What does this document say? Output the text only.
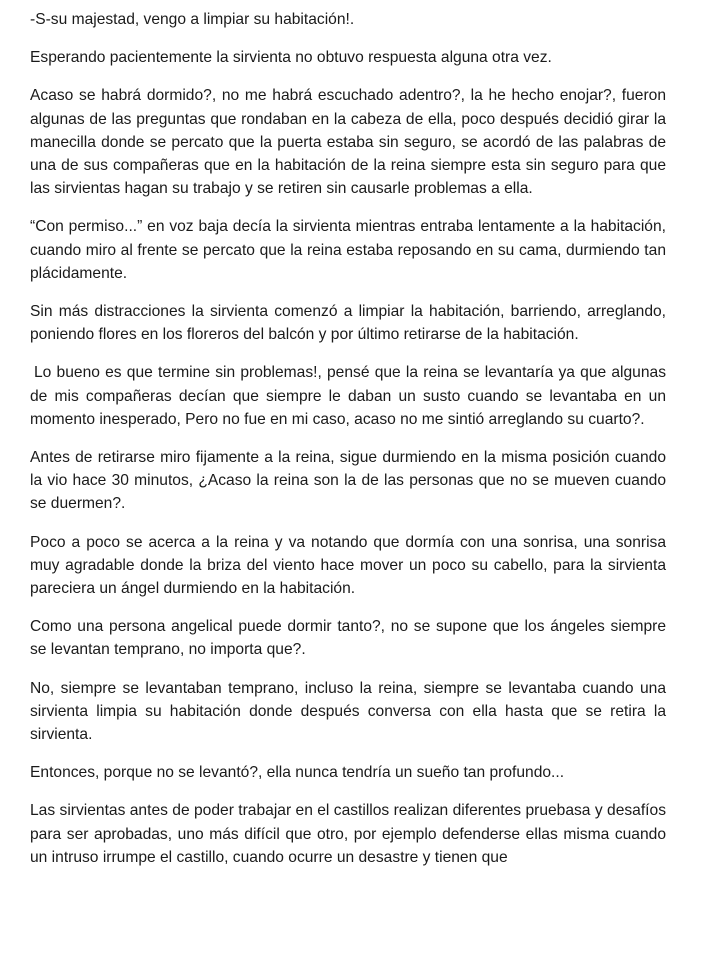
-S-su majestad, vengo a limpiar su habitación!.

Esperando pacientemente la sirvienta no obtuvo respuesta alguna otra vez.

Acaso se habrá dormido?, no me habrá escuchado adentro?, la he hecho enojar?, fueron algunas de las preguntas que rondaban en la cabeza de ella, poco después decidió girar la manecilla donde se percato que la puerta estaba sin seguro, se acordó de las palabras de una de sus compañeras que en la habitación de la reina siempre esta sin seguro para que las sirvientas hagan su trabajo y se retiren sin causarle problemas a ella.

“Con permiso...” en voz baja decía la sirvienta mientras entraba lentamente a la habitación, cuando miro al frente se percato que la reina estaba reposando en su cama, durmiendo tan plácidamente.

Sin más distracciones la sirvienta comenzó a limpiar la habitación, barriendo, arreglando, poniendo flores en los floreros del balcón y por último retirarse de la habitación.

Lo bueno es que termine sin problemas!, pensé que la reina se levantaría ya que algunas de mis compañeras decían que siempre le daban un susto cuando se levantaba en un momento inesperado, Pero no fue en mi caso, acaso no me sintió arreglando su cuarto?.

Antes de retirarse miro fijamente a la reina, sigue durmiendo en la misma posición cuando la vio hace 30 minutos, ¿Acaso la reina son la de las personas que no se mueven cuando se duermen?.

Poco a poco se acerca a la reina y va notando que dormía con una sonrisa, una sonrisa muy agradable donde la briza del viento hace mover un poco su cabello, para la sirvienta pareciera un ángel durmiendo en la habitación.

Como una persona angelical puede dormir tanto?, no se supone que los ángeles siempre se levantan temprano, no importa que?.

No, siempre se levantaban temprano, incluso la reina, siempre se levantaba cuando una sirvienta limpia su habitación donde después conversa con ella hasta que se retira la sirvienta.

Entonces, porque no se levantó?, ella nunca tendría un sueño tan profundo...

Las sirvientas antes de poder trabajar en el castillos realizan diferentes pruebasa y desafíos para ser aprobadas, uno más difícil que otro, por ejemplo defenderse ellas misma cuando un intruso irrumpe el castillo, cuando ocurre un desastre y tienen que
